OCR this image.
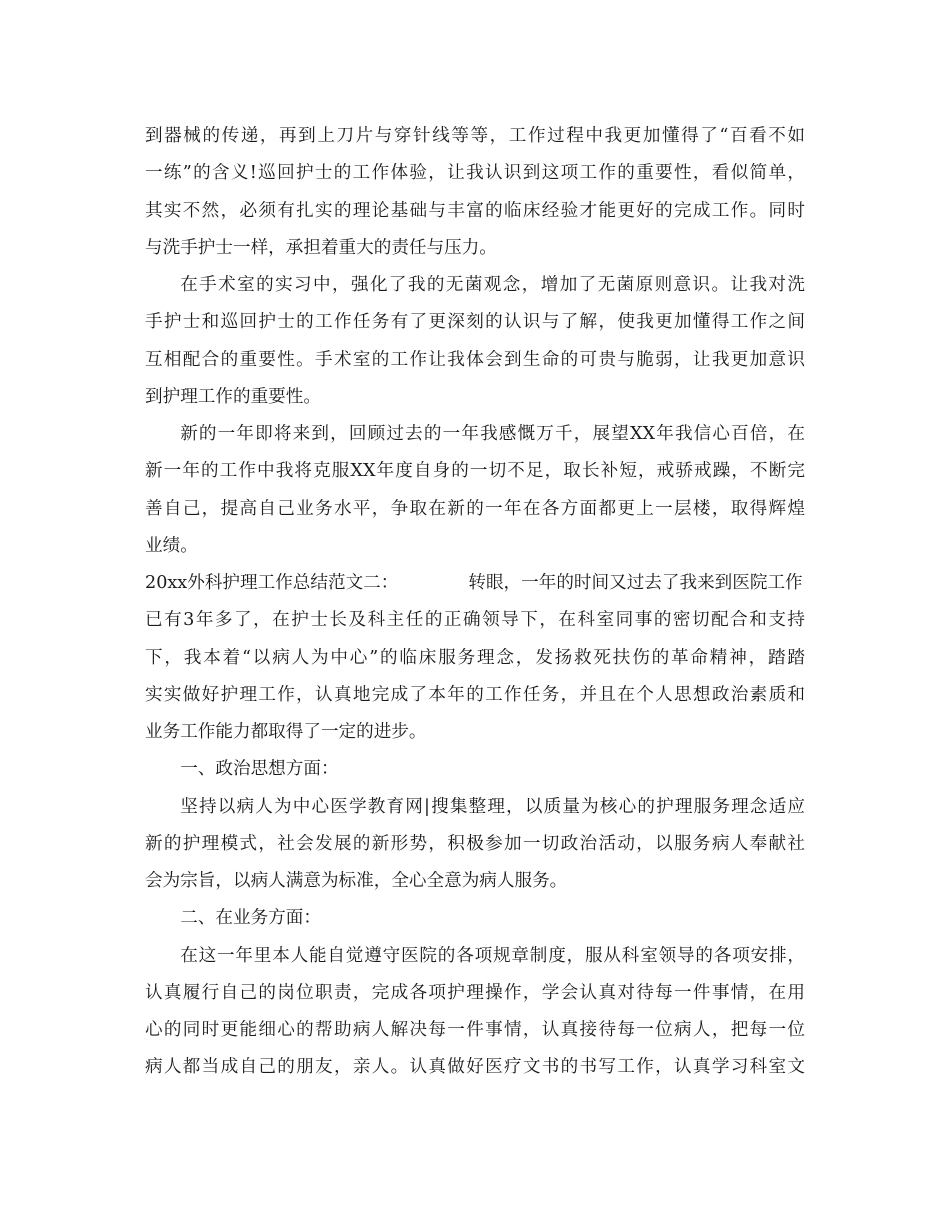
到器械的传递，再到上刀片与穿针线等等，工作过程中我更加懂得了“百看不如
一练”的含义!巡回护士的工作体验，让我认识到这项工作的重要性，看似简单，
其实不然，必须有扎实的理论基础与丰富的临床经验才能更好的完成工作。同时
与洗手护士一样，承担着重大的责任与压力。
在手术室的实习中，强化了我的无菌观念，增加了无菌原则意识。让我对洗
手护士和巡回护士的工作任务有了更深刻的认识与了解，使我更加懂得工作之间
互相配合的重要性。手术室的工作让我体会到生命的可贵与脆弱，让我更加意识
到护理工作的重要性。
新的一年即将来到，回顾过去的一年我感慨万千，展望XX年我信心百倍，在
新一年的工作中我将克服XX年度自身的一切不足，取长补短，戒骄戒躁，不断完
善自己，提高自己业务水平，争取在新的一年在各方面都更上一层楼，取得辉煌
业绩。
20xx外科护理工作总结范文二：	转眼，一年的时间又过去了我来到医院工作
已有3年多了，在护士长及科主任的正确领导下，在科室同事的密切配合和支持
下，我本着“以病人为中心”的临床服务理念，发扬救死扶伤的革命精神，踏踏
实实做好护理工作，认真地完成了本年的工作任务，并且在个人思想政治素质和
业务工作能力都取得了一定的进步。
一、政治思想方面：
坚持以病人为中心医学教育网|搜集整理，以质量为核心的护理服务理念适应
新的护理模式，社会发展的新形势，积极参加一切政治活动，以服务病人奉献社
会为宗旨，以病人满意为标准，全心全意为病人服务。
二、在业务方面：
在这一年里本人能自觉遵守医院的各项规章制度，服从科室领导的各项安排，
认真履行自己的岗位职责，完成各项护理操作，学会认真对待每一件事情，在用
心的同时更能细心的帮助病人解决每一件事情，认真接待每一位病人，把每一位
病人都当成自己的朋友，亲人。认真做好医疗文书的书写工作，认真学习科室文
